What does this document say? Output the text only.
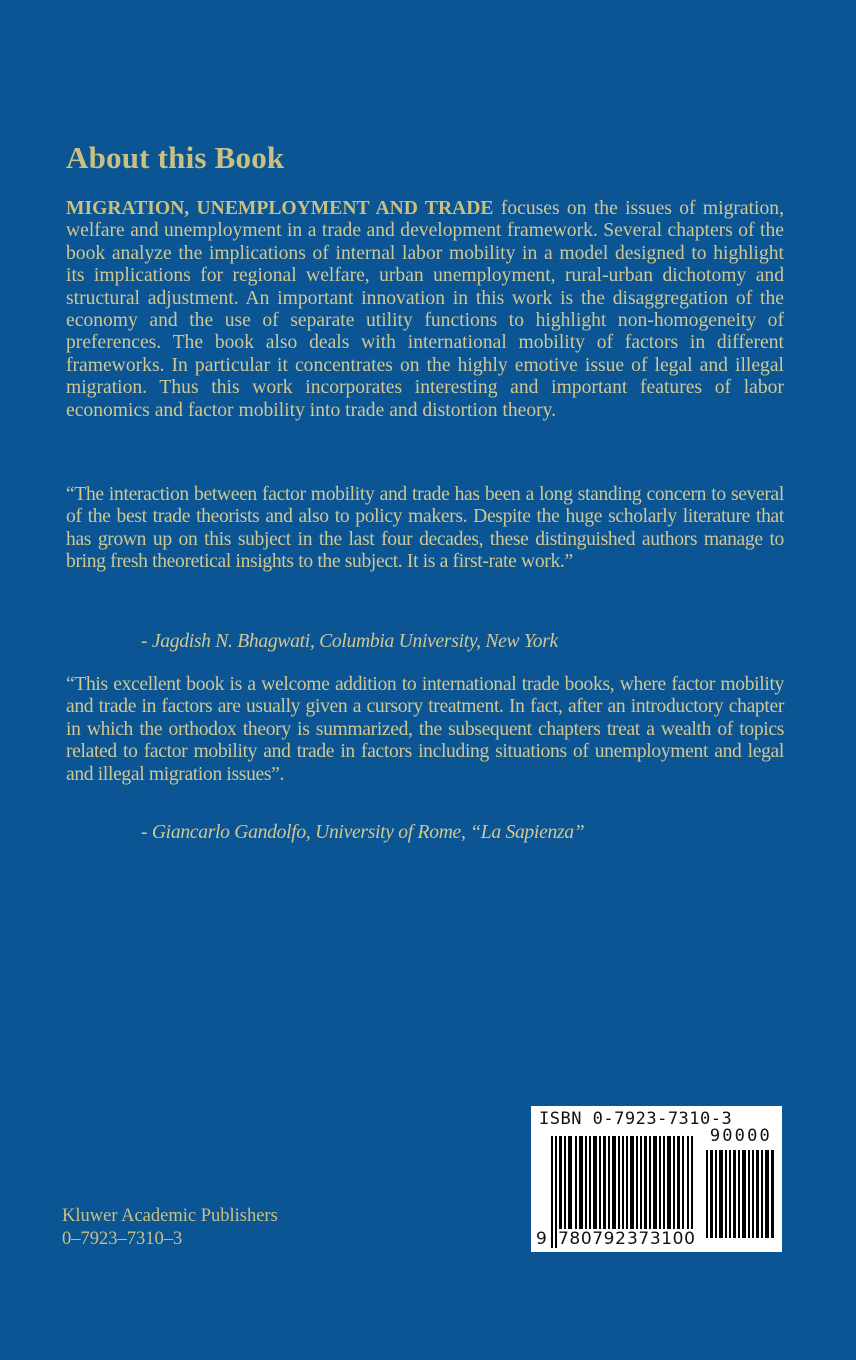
About this Book

MIGRATION, UNEMPLOYMENT AND TRADE focuses on the issues of migration, welfare and unemployment in a trade and development framework. Several chapters of the book analyze the implications of internal labor mobility in a model designed to highlight its implications for regional welfare, urban unemployment, rural-urban dichotomy and structural adjustment. An important innovation in this work is the disaggregation of the economy and the use of separate utility functions to highlight non-homogeneity of preferences. The book also deals with international mobility of factors in different frameworks. In particular it concentrates on the highly emotive issue of legal and illegal migration. Thus this work incorporates interesting and important features of labor economics and factor mobility into trade and distortion theory.

“The interaction between factor mobility and trade has been a long standing concern to several of the best trade theorists and also to policy makers. Despite the huge scholarly literature that has grown up on this subject in the last four decades, these distinguished authors manage to bring fresh theoretical insights to the subject. It is a first-rate work.”
- Jagdish N. Bhagwati, Columbia University, New York
“This excellent book is a welcome addition to international trade books, where factor mobility and trade in factors are usually given a cursory treatment. In fact, after an introductory chapter in which the orthodox theory is summarized, the subsequent chapters treat a wealth of topics related to factor mobility and trade in factors including situations of unemployment and legal and illegal migration issues”.
- Giancarlo Gandolfo, University of Rome, “La Sapienza”
Kluwer Academic Publishers
0–7923–7310–3
ISBN 0-7923-7310-3
90000
9 780792 373100
